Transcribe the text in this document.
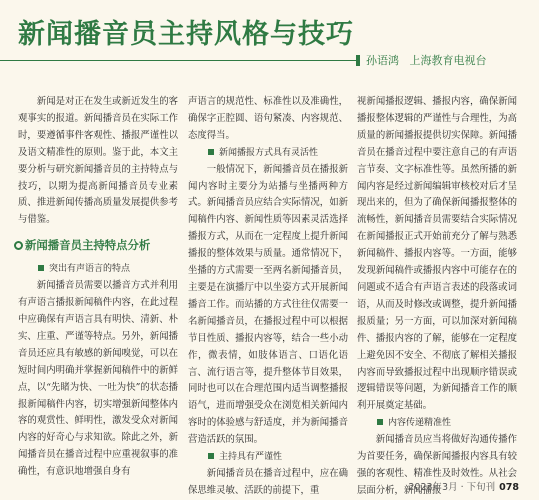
新闻播音员主持风格与技巧
孙语鸿 上海教育电视台

新闻是对正在发生或新近发生的客观事实的报道。新闻播音员在实际工作时，要遵循事件客观性、播报严谨性以及语文精准性的原则。鉴于此，本文主要分析与研究新闻播音员的主持特点与技巧，以期为提高新闻播音员专业素质、推进新闻传播高质量发展提供参考与借鉴。

新闻播音员主持特点分析
突出有声语言的特点

新闻播音员需要以播音方式并利用有声语言播报新闻稿件内容，在此过程中应确保有声语言具有明快、清新、朴实、庄重、严谨等特点。另外，新闻播音员还应具有敏感的新闻嗅觉，可以在短时间内明确并掌握新闻稿件中的新鲜点，以“先睹为快、一吐为快”的状态播报新闻稿件内容，切实增强新闻整体内容的观赏性、鲜明性，激发受众对新闻内容的好奇心与求知欲。除此之外，新闻播音员在播音过程中应重视叙事的准确性，有意识地增强自身有

声语言的规范性、标准性以及准确性，确保字正腔圆、语句紧凑、内容规范、态度得当。

新闻播报方式具有灵活性

一般情况下，新闻播音员在播报新闻内容时主要分为站播与坐播两种方式。新闻播音员应结合实际情况，如新闻稿件内容、新闻性质等因素灵活选择播报方式，从而在一定程度上提升新闻播报的整体效果与质量。通常情况下，坐播的方式需要一至两名新闻播音员，主要是在演播厅中以坐姿方式开展新闻播音工作。而站播的方式往往仅需要一名新闻播音员，在播报过程中可以根据节目性质、播报内容等，结合一些小动作，微表情，如肢体语言、口语化语言、流行语言等，提升整体节目效果，同时也可以在合理范围内适当调整播报语气，进而增强受众在浏览相关新闻内容时的体验感与舒适度，并为新闻播音营造活跃的氛围。

主持具有严谨性

新闻播音员在播音过程中，应在确保思维灵敏、活跃的前提下，重

视新闻播报逻辑、播报内容，确保新闻播报整体逻辑的严谨性与合理性，为高质量的新闻播报提供切实保障。新闻播音员在播音过程中要注意自己的有声语言节奏、文字标准性等。虽然所播的新闻内容是经过新闻编辑审核校对后才呈现出来的，但为了确保新闻播报整体的流畅性，新闻播音员需要结合实际情况在新闻播报正式开始前充分了解与熟悉新闻稿件、播报内容等。一方面，能够发现新闻稿件或播报内容中可能存在的问题或不适合有声语言表述的段落或词语，从而及时修改或调整，提升新闻播报质量；另一方面，可以加深对新闻稿件、播报内容的了解，能够在一定程度上避免因不安全、不彻底了解相关播报内容而导致播报过程中出现顺序错误或逻辑错误等问题，为新闻播音工作的顺利开展奠定基础。

内容传递精准性

新闻播音员应当将做好沟通传播作为首要任务，确保新闻播报内容具有较强的客观性、精准性及时效性。从社会层面分析，新闻播报

2023年3月 · 下旬刊 078
